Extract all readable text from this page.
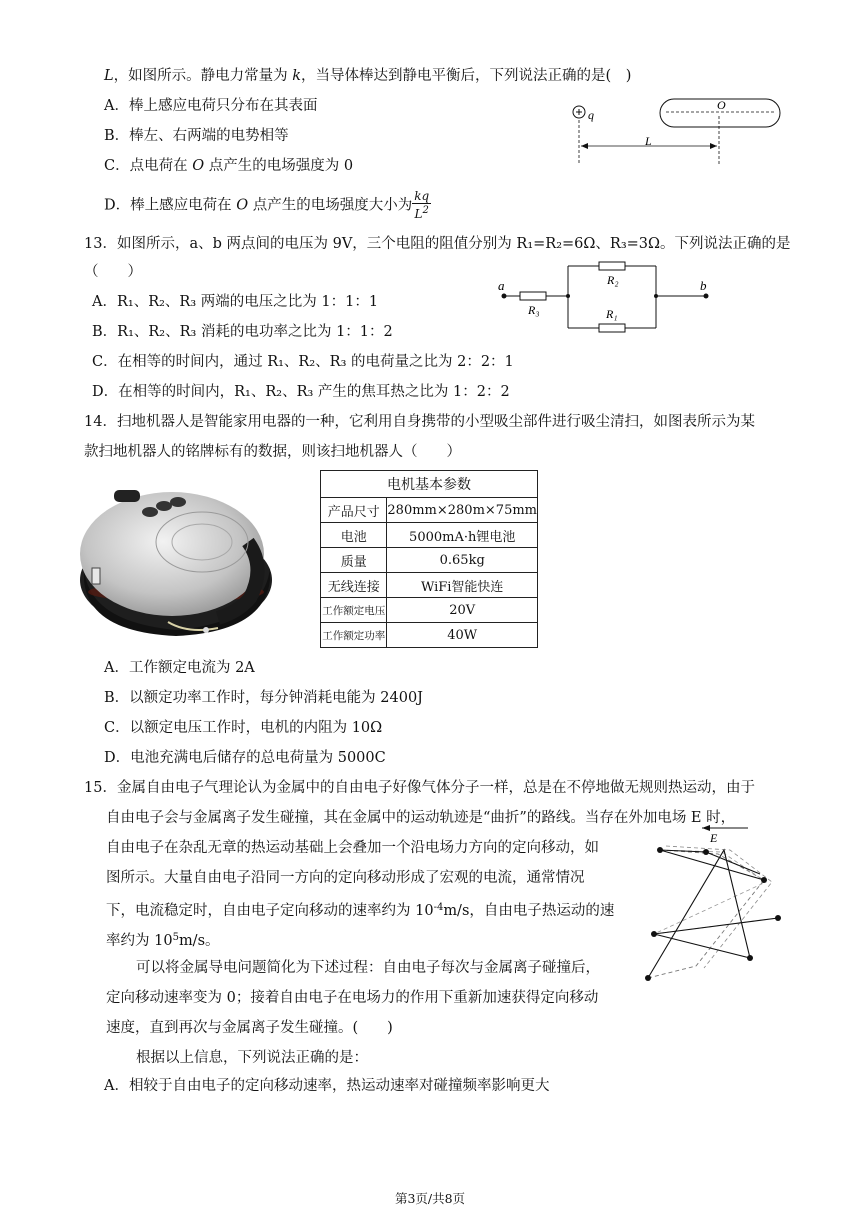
L，如图所示。静电力常量为 k，当导体棒达到静电平衡后，下列说法正确的是(　)
A．棒上感应电荷只分布在其表面
B．棒左、右两端的电势相等
C．点电荷在 O 点产生的电场强度为 0
D．棒上感应电荷在 O 点产生的电场强度大小为 $\frac{kq}{L^2}$
q
O
L
13．如图所示，a、b 两点间的电压为 9V，三个电阻的阻值分别为 R₁=R₂=6Ω、R₃=3Ω。下列说法正确的是
（　　）
A．R₁、R₂、R₃ 两端的电压之比为 1：1：1
B．R₁、R₂、R₃ 消耗的电功率之比为 1：1：2
C．在相等的时间内，通过 R₁、R₂、R₃ 的电荷量之比为 2：2：1
D．在相等的时间内，R₁、R₂、R₃ 产生的焦耳热之比为 1：2：2
a
R₃
R₂
R₁
b
14．扫地机器人是智能家用电器的一种，它利用自身携带的小型吸尘部件进行吸尘清扫，如图表所示为某
款扫地机器人的铭牌标有的数据，则该扫地机器人（　　）
电机基本参数	
产品尺寸	280mm×280m×75mm
电池	5000mA·h锂电池
质量	0.65kg
无线连接	WiFi智能快连
工作额定电压	20V
工作额定功率	40W
A．工作额定电流为 2A
B．以额定功率工作时，每分钟消耗电能为 2400J
C．以额定电压工作时，电机的内阻为 10Ω
D．电池充满电后储存的总电荷量为 5000C
15．金属自由电子气理论认为金属中的自由电子好像气体分子一样，总是在不停地做无规则热运动，由于
自由电子会与金属离子发生碰撞，其在金属中的运动轨迹是“曲折”的路线。当存在外加电场 E 时，
自由电子在杂乱无章的热运动基础上会叠加一个沿电场力方向的定向移动，如
图所示。大量自由电子沿同一方向的定向移动形成了宏观的电流，通常情况
下，电流稳定时，自由电子定向移动的速率约为 $10^{-4}m/s$，自由电子热运动的速
率约为 $10^5m/s$。
可以将金属导电问题简化为下述过程：自由电子每次与金属离子碰撞后，
定向移动速率变为 0；接着自由电子在电场力的作用下重新加速获得定向移动
速度，直到再次与金属离子发生碰撞。(　　)
根据以上信息，下列说法正确的是：
A．相较于自由电子的定向移动速率，热运动速率对碰撞频率影响更大
E
第3页/共8页
